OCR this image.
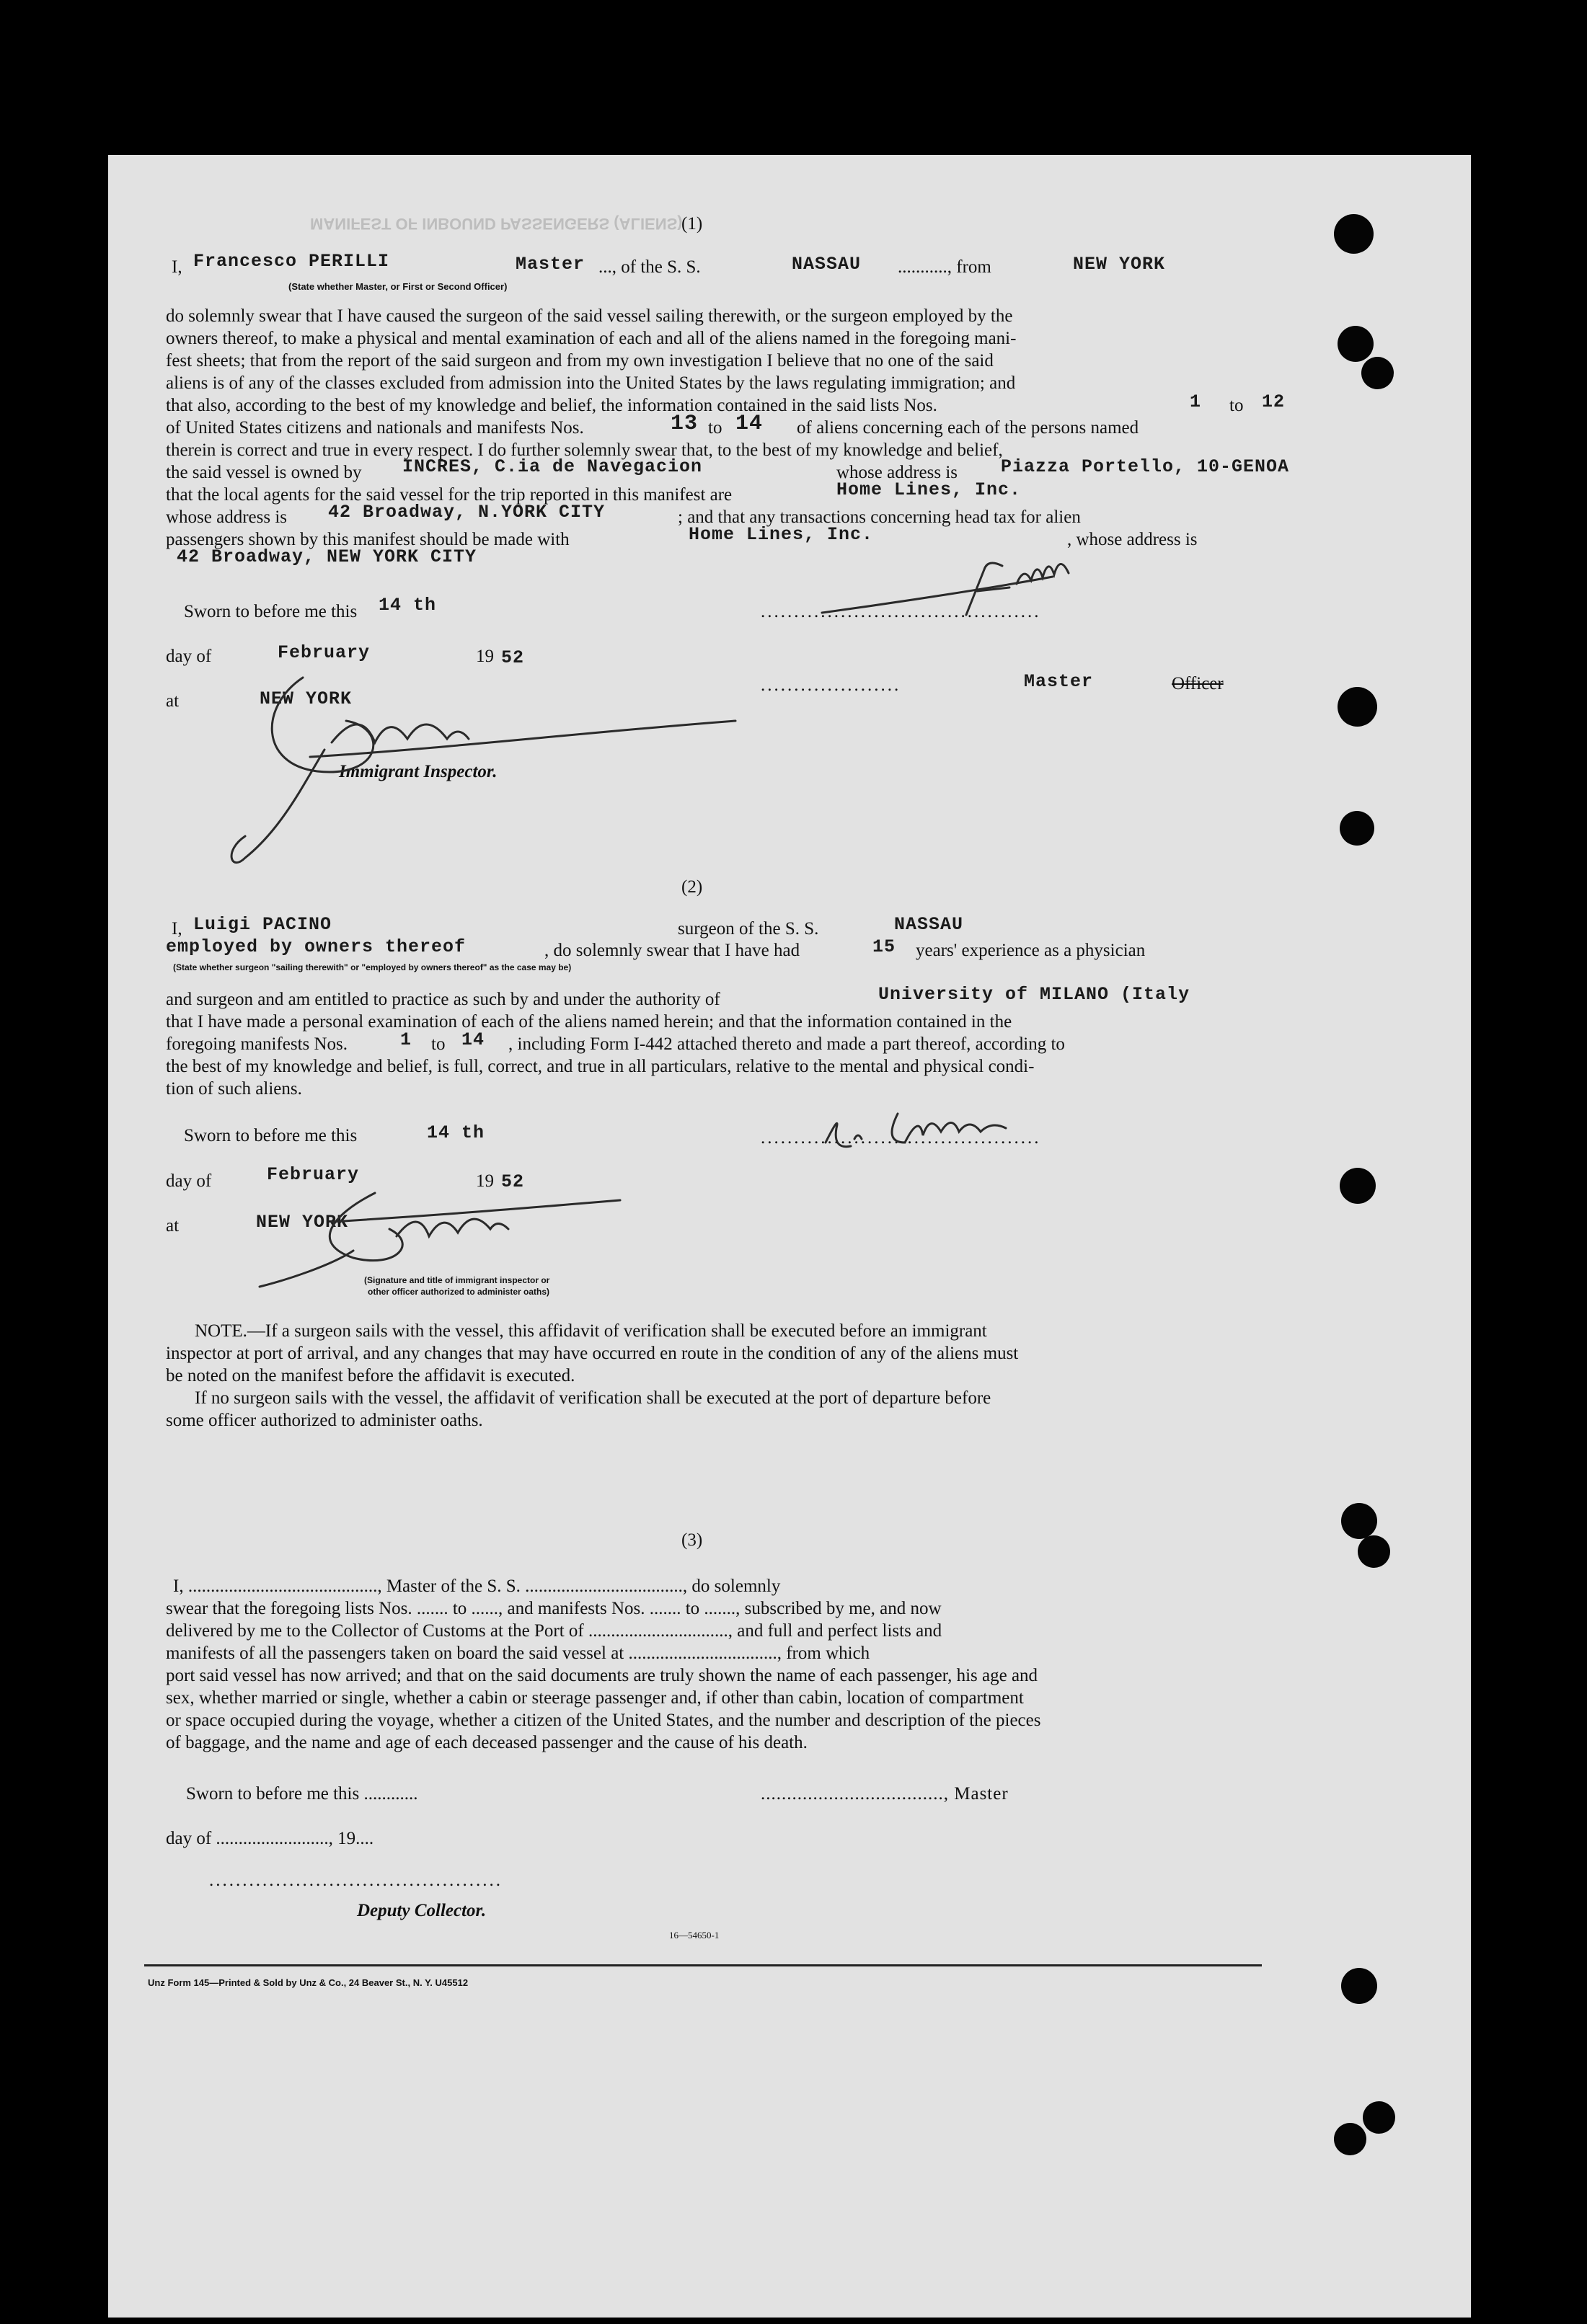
MANIFEST OF INBOUND PASSENGERS (ALIENS)
(1)
I, Francesco PERILLI	Master ..., of the S. S.	NASSAU ..........., from	NEW YORK
(State whether Master, or First or Second Officer)
do solemnly swear that I have caused the surgeon of the said vessel sailing therewith, or the surgeon employed by the
owners thereof, to make a physical and mental examination of each and all of the aliens named in the foregoing mani-
fest sheets; that from the report of the said surgeon and from my own investigation I believe that no one of the said
aliens is of any of the classes excluded from admission into the United States by the laws regulating immigration; and
that also, according to the best of my knowledge and belief, the information contained in the said lists Nos.	1 to 12
of United States citizens and nationals and manifests Nos.	13 to 14 of aliens concerning each of the persons named
therein is correct and true in every respect. I do further solemnly swear that, to the best of my knowledge and belief,
the said vessel is owned by INCRES, C.ia de Navegacion	whose address is Piazza Portello, 10-GENOA
that the local agents for the said vessel for the trip reported in this manifest are	Home Lines, Inc.
whose address is 42 Broadway, N.YORK CITY	; and that any transactions concerning head tax for alien
passengers shown by this manifest should be made with	Home Lines, Inc.	, whose address is
42 Broadway, NEW YORK CITY
Sworn to before me this 14 th
day of	February	19 52
at	NEW YORK
Immigrant Inspector.
..........................................
.....................	Master	Officer
(2)
I, Luigi PACINO	surgeon of the S. S.	NASSAU
employed by owners thereof	, do solemnly swear that I have had	15 years' experience as a physician
(State whether surgeon "sailing therewith" or "employed by owners thereof" as the case may be)
and surgeon and am entitled to practice as such by and under the authority of	University of MILANO (Italy
that I have made a personal examination of each of the aliens named herein; and that the information contained in the
foregoing manifests Nos.	1 to 14 , including Form I-442 attached thereto and made a part thereof, according to
the best of my knowledge and belief, is full, correct, and true in all particulars, relative to the mental and physical condi-
tion of such aliens.
Sworn to before me this	14 th
day of	February	19 52
at	NEW YORK
(Signature and title of immigrant inspector or
other officer authorized to administer oaths)
..........................................
NOTE.—If a surgeon sails with the vessel, this affidavit of verification shall be executed before an immigrant
inspector at port of arrival, and any changes that may have occurred en route in the condition of any of the aliens must
be noted on the manifest before the affidavit is executed.
If no surgeon sails with the vessel, the affidavit of verification shall be executed at the port of departure before
some officer authorized to administer oaths.
(3)
I, .........................................., Master of the S. S. ..................................., do solemnly
swear that the foregoing lists Nos. ....... to ......, and manifests Nos. ....... to ......., subscribed by me, and now
delivered by me to the Collector of Customs at the Port of ..............................., and full and perfect lists and
manifests of all the passengers taken on board the said vessel at ................................., from which
port said vessel has now arrived; and that on the said documents are truly shown the name of each passenger, his age and
sex, whether married or single, whether a cabin or steerage passenger and, if other than cabin, location of compartment
or space occupied during the voyage, whether a citizen of the United States, and the number and description of the pieces
of baggage, and the name and age of each deceased passenger and the cause of his death.
Sworn to before me this ............	..................................., Master
day of ........................., 19....
............................................
Deputy Collector.
16—54650-1
Unz Form 145—Printed & Sold by Unz & Co., 24 Beaver St., N. Y. U45512
